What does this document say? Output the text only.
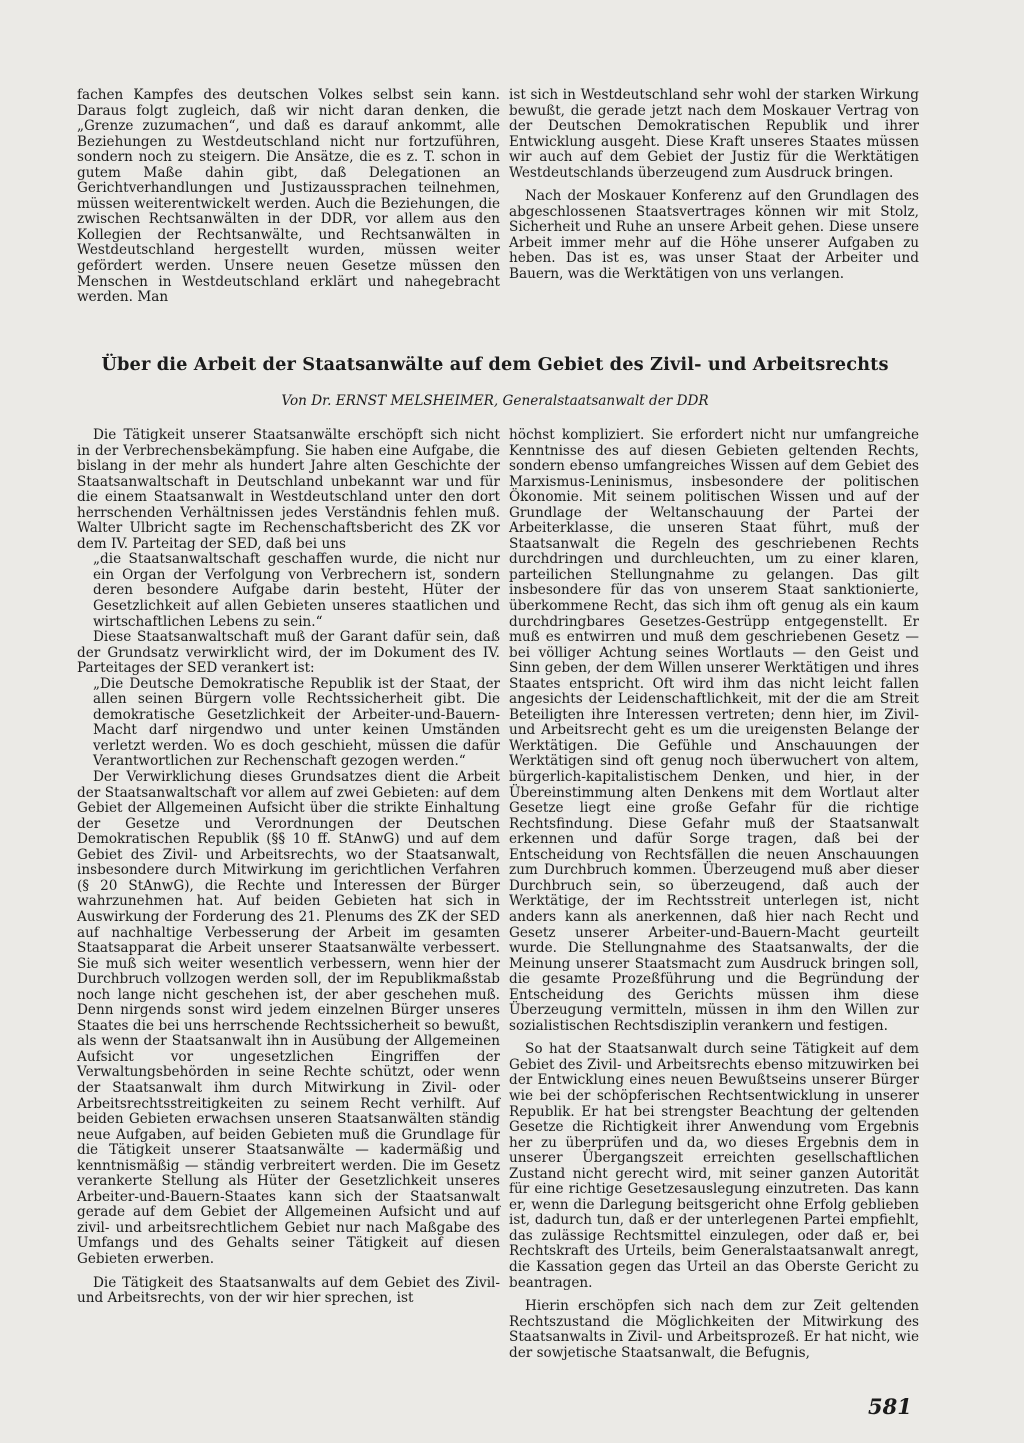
fachen Kampfes des deutschen Volkes selbst sein kann. Daraus folgt zugleich, daß wir nicht daran denken, die „Grenze zuzumachen“, und daß es darauf ankommt, alle Beziehungen zu Westdeutschland nicht nur fortzuführen, sondern noch zu steigern. Die Ansätze, die es z. T. schon in gutem Maße dahin gibt, daß Delegationen an Gerichtverhandlungen und Justizaussprachen teilnehmen, müssen weiterentwickelt werden. Auch die Beziehungen, die zwischen Rechtsanwälten in der DDR, vor allem aus den Kollegien der Rechtsanwälte, und Rechtsanwälten in Westdeutschland hergestellt wurden, müssen weiter gefördert werden. Unsere neuen Gesetze müssen den Menschen in Westdeutschland erklärt und nahegebracht werden. Man

ist sich in Westdeutschland sehr wohl der starken Wirkung bewußt, die gerade jetzt nach dem Moskauer Vertrag von der Deutschen Demokratischen Republik und ihrer Entwicklung ausgeht. Diese Kraft unseres Staates müssen wir auch auf dem Gebiet der Justiz für die Werktätigen Westdeutschlands überzeugend zum Ausdruck bringen.

Nach der Moskauer Konferenz auf den Grundlagen des abgeschlossenen Staatsvertrages können wir mit Stolz, Sicherheit und Ruhe an unsere Arbeit gehen. Diese unsere Arbeit immer mehr auf die Höhe unserer Aufgaben zu heben. Das ist es, was unser Staat der Arbeiter und Bauern, was die Werktätigen von uns verlangen.

Über die Arbeit der Staatsanwälte auf dem Gebiet des Zivil- und Arbeitsrechts
Von Dr. ERNST MELSHEIMER, Generalstaatsanwalt der DDR

Die Tätigkeit unserer Staatsanwälte erschöpft sich nicht in der Verbrechensbekämpfung. Sie haben eine Aufgabe, die bislang in der mehr als hundert Jahre alten Geschichte der Staatsanwaltschaft in Deutschland unbekannt war und für die einem Staatsanwalt in Westdeutschland unter den dort herrschenden Verhältnissen jedes Verständnis fehlen muß. Walter Ulbricht sagte im Rechenschaftsbericht des ZK vor dem IV. Parteitag der SED, daß bei uns

„die Staatsanwaltschaft geschaffen wurde, die nicht nur ein Organ der Verfolgung von Verbrechern ist, sondern deren besondere Aufgabe darin besteht, Hüter der Gesetzlichkeit auf allen Gebieten unseres staatlichen und wirtschaftlichen Lebens zu sein.“

Diese Staatsanwaltschaft muß der Garant dafür sein, daß der Grundsatz verwirklicht wird, der im Dokument des IV. Parteitages der SED verankert ist:

„Die Deutsche Demokratische Republik ist der Staat, der allen seinen Bürgern volle Rechtssicherheit gibt. Die demokratische Gesetzlichkeit der Arbeiter-und-Bauern-Macht darf nirgendwo und unter keinen Umständen verletzt werden. Wo es doch geschieht, müssen die dafür Verantwortlichen zur Rechenschaft gezogen werden.“

Der Verwirklichung dieses Grundsatzes dient die Arbeit der Staatsanwaltschaft vor allem auf zwei Gebieten: auf dem Gebiet der Allgemeinen Aufsicht über die strikte Einhaltung der Gesetze und Verordnungen der Deutschen Demokratischen Republik (§§ 10 ff. StAnwG) und auf dem Gebiet des Zivil- und Arbeitsrechts, wo der Staatsanwalt, insbesondere durch Mitwirkung im gerichtlichen Verfahren (§ 20 StAnwG), die Rechte und Interessen der Bürger wahrzunehmen hat. Auf beiden Gebieten hat sich in Auswirkung der Forderung des 21. Plenums des ZK der SED auf nachhaltige Verbesserung der Arbeit im gesamten Staatsapparat die Arbeit unserer Staatsanwälte verbessert. Sie muß sich weiter wesentlich verbessern, wenn hier der Durchbruch vollzogen werden soll, der im Republikmaßstab noch lange nicht geschehen ist, der aber geschehen muß. Denn nirgends sonst wird jedem einzelnen Bürger unseres Staates die bei uns herrschende Rechtssicherheit so bewußt, als wenn der Staatsanwalt ihn in Ausübung der Allgemeinen Aufsicht vor ungesetzlichen Eingriffen der Verwaltungsbehörden in seine Rechte schützt, oder wenn der Staatsanwalt ihm durch Mitwirkung in Zivil- oder Arbeitsrechtsstreitigkeiten zu seinem Recht verhilft. Auf beiden Gebieten erwachsen unseren Staatsanwälten ständig neue Aufgaben, auf beiden Gebieten muß die Grundlage für die Tätigkeit unserer Staatsanwälte — kadermäßig und kenntnismäßig — ständig verbreitert werden. Die im Gesetz verankerte Stellung als Hüter der Gesetzlichkeit unseres Arbeiter-und-Bauern-Staates kann sich der Staatsanwalt gerade auf dem Gebiet der Allgemeinen Aufsicht und auf zivil- und arbeitsrechtlichem Gebiet nur nach Maßgabe des Umfangs und des Gehalts seiner Tätigkeit auf diesen Gebieten erwerben.

Die Tätigkeit des Staatsanwalts auf dem Gebiet des Zivil- und Arbeitsrechts, von der wir hier sprechen, ist

höchst kompliziert. Sie erfordert nicht nur umfangreiche Kenntnisse des auf diesen Gebieten geltenden Rechts, sondern ebenso umfangreiches Wissen auf dem Gebiet des Marxismus-Leninismus, insbesondere der politischen Ökonomie. Mit seinem politischen Wissen und auf der Grundlage der Weltanschauung der Partei der Arbeiterklasse, die unseren Staat führt, muß der Staatsanwalt die Regeln des geschriebenen Rechts durchdringen und durchleuchten, um zu einer klaren, parteilichen Stellungnahme zu gelangen. Das gilt insbesondere für das von unserem Staat sanktionierte, überkommene Recht, das sich ihm oft genug als ein kaum durchdringbares Gesetzes-Gestrüpp entgegenstellt. Er muß es entwirren und muß dem geschriebenen Gesetz — bei völliger Achtung seines Wortlauts — den Geist und Sinn geben, der dem Willen unserer Werktätigen und ihres Staates entspricht. Oft wird ihm das nicht leicht fallen angesichts der Leidenschaftlichkeit, mit der die am Streit Beteiligten ihre Interessen vertreten; denn hier, im Zivil- und Arbeitsrecht geht es um die ureigensten Belange der Werktätigen. Die Gefühle und Anschauungen der Werktätigen sind oft genug noch überwuchert von altem, bürgerlich-kapitalistischem Denken, und hier, in der Übereinstimmung alten Denkens mit dem Wortlaut alter Gesetze liegt eine große Gefahr für die richtige Rechtsfindung. Diese Gefahr muß der Staatsanwalt erkennen und dafür Sorge tragen, daß bei der Entscheidung von Rechtsfällen die neuen Anschauungen zum Durchbruch kommen. Überzeugend muß aber dieser Durchbruch sein, so überzeugend, daß auch der Werktätige, der im Rechtsstreit unterlegen ist, nicht anders kann als anerkennen, daß hier nach Recht und Gesetz unserer Arbeiter-und-Bauern-Macht geurteilt wurde. Die Stellungnahme des Staatsanwalts, der die Meinung unserer Staatsmacht zum Ausdruck bringen soll, die gesamte Prozeßführung und die Begründung der Entscheidung des Gerichts müssen ihm diese Überzeugung vermitteln, müssen in ihm den Willen zur sozialistischen Rechtsdisziplin verankern und festigen.

So hat der Staatsanwalt durch seine Tätigkeit auf dem Gebiet des Zivil- und Arbeitsrechts ebenso mitzuwirken bei der Entwicklung eines neuen Bewußtseins unserer Bürger wie bei der schöpferischen Rechtsentwicklung in unserer Republik. Er hat bei strengster Beachtung der geltenden Gesetze die Richtigkeit ihrer Anwendung vom Ergebnis her zu überprüfen und da, wo dieses Ergebnis dem in unserer Übergangszeit erreichten gesellschaftlichen Zustand nicht gerecht wird, mit seiner ganzen Autorität für eine richtige Gesetzesauslegung einzutreten. Das kann er, wenn die Darlegung beitsgericht ohne Erfolg geblieben ist, dadurch tun, daß er der unterlegenen Partei empfiehlt, das zulässige Rechtsmittel einzulegen, oder daß er, bei Rechtskraft des Urteils, beim Generalstaatsanwalt anregt, die Kassation gegen das Urteil an das Oberste Gericht zu beantragen.

Hierin erschöpfen sich nach dem zur Zeit geltenden Rechtszustand die Möglichkeiten der Mitwirkung des Staatsanwalts in Zivil- und Arbeitsprozeß. Er hat nicht, wie der sowjetische Staatsanwalt, die Befugnis,

581
